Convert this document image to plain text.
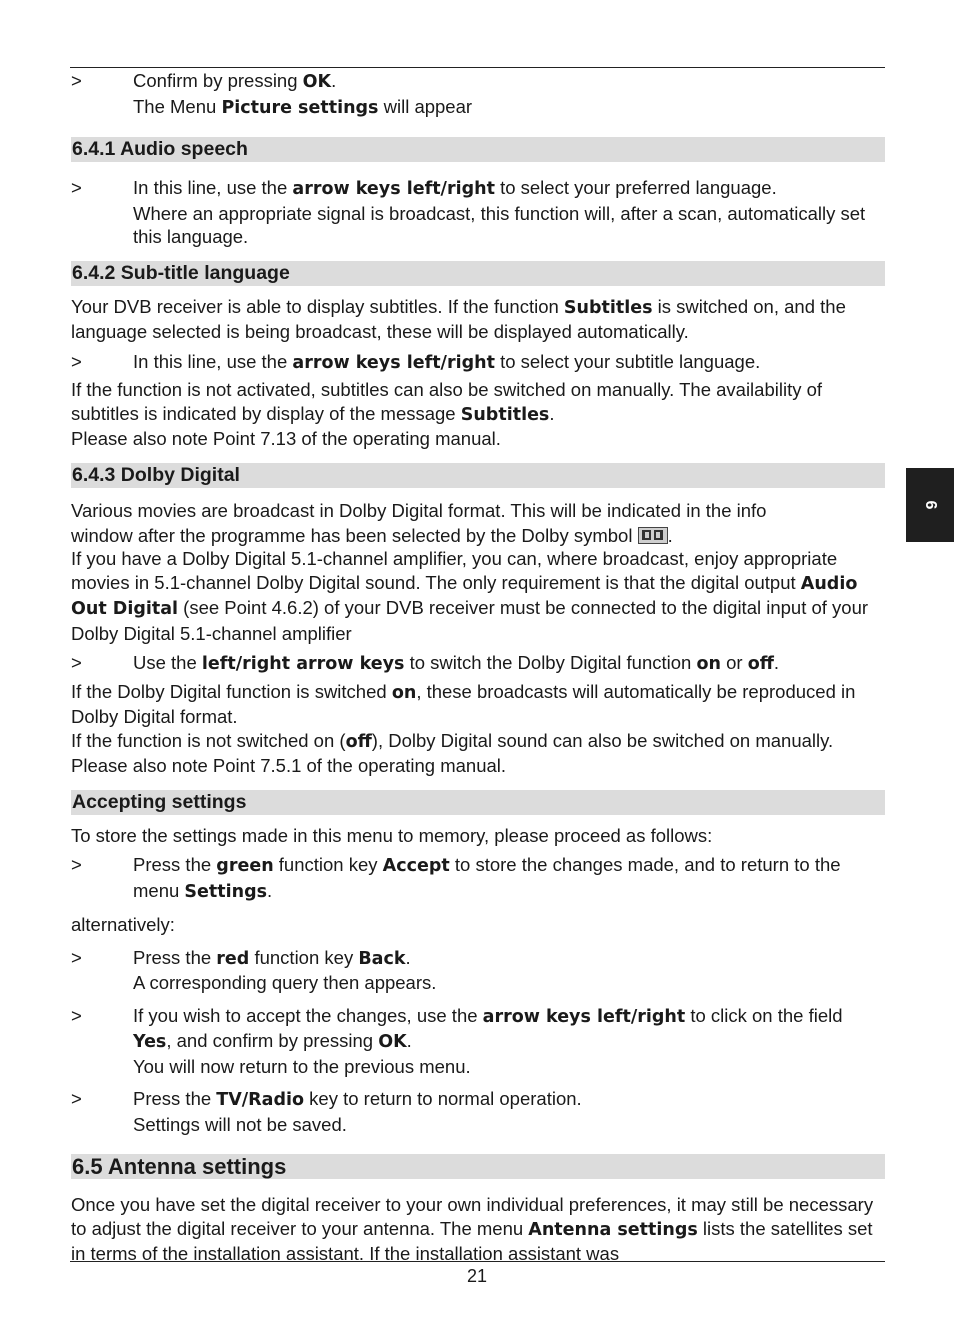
>	Confirm by pressing OK.
The Menu Picture settings will appear
6.4.1 Audio speech
>	In this line, use the arrow keys left/right to select your preferred language.
Where an appropriate signal is broadcast, this function will, after a scan, automatically set this language.
6.4.2 Sub-title language

Your DVB receiver is able to display subtitles. If the function Subtitles is switched on, and the language selected is being broadcast, these will be displayed automatically.

>	In this line, use the arrow keys left/right to select your subtitle language.

If the function is not activated, subtitles can also be switched on manually. The availability of subtitles is indicated by display of the message Subtitles.
Please also note Point 7.13 of the operating manual.

6.4.3 Dolby Digital

Various movies are broadcast in Dolby Digital format. This will be indicated in the info

window after the programme has been selected by the Dolby symbol
.
If you have a Dolby Digital 5.1-channel amplifier, you can, where broadcast, enjoy appropriate movies in 5.1-channel Dolby Digital sound. The only requirement is that the digital output Audio Out Digital (see Point 4.6.2) of your DVB receiver must be connected to the digital input of your Dolby Digital 5.1-channel amplifier

>	Use the left/right arrow keys to switch the Dolby Digital function on or off.

If the Dolby Digital function is switched on, these broadcasts will automatically be reproduced in Dolby Digital format.
If the function is not switched on (off), Dolby Digital sound can also be switched on manually. Please also note Point 7.5.1 of the operating manual.

Accepting settings

To store the settings made in this menu to memory, please proceed as follows:

>	Press the green function key Accept to store the changes made, and to return to the menu Settings.

alternatively:

>	Press the red function key Back.
A corresponding query then appears.
>	If you wish to accept the changes, use the arrow keys left/right to click on the field Yes, and confirm by pressing OK.
You will now return to the previous menu.
>	Press the TV/Radio key to return to normal operation.
Settings will not be saved.
6.5 Antenna settings

Once you have set the digital receiver to your own individual preferences, it may still be necessary to adjust the digital receiver to your antenna. The menu Antenna settings lists the satellites set in terms of the installation assistant. If the installation assistant was

6
21
